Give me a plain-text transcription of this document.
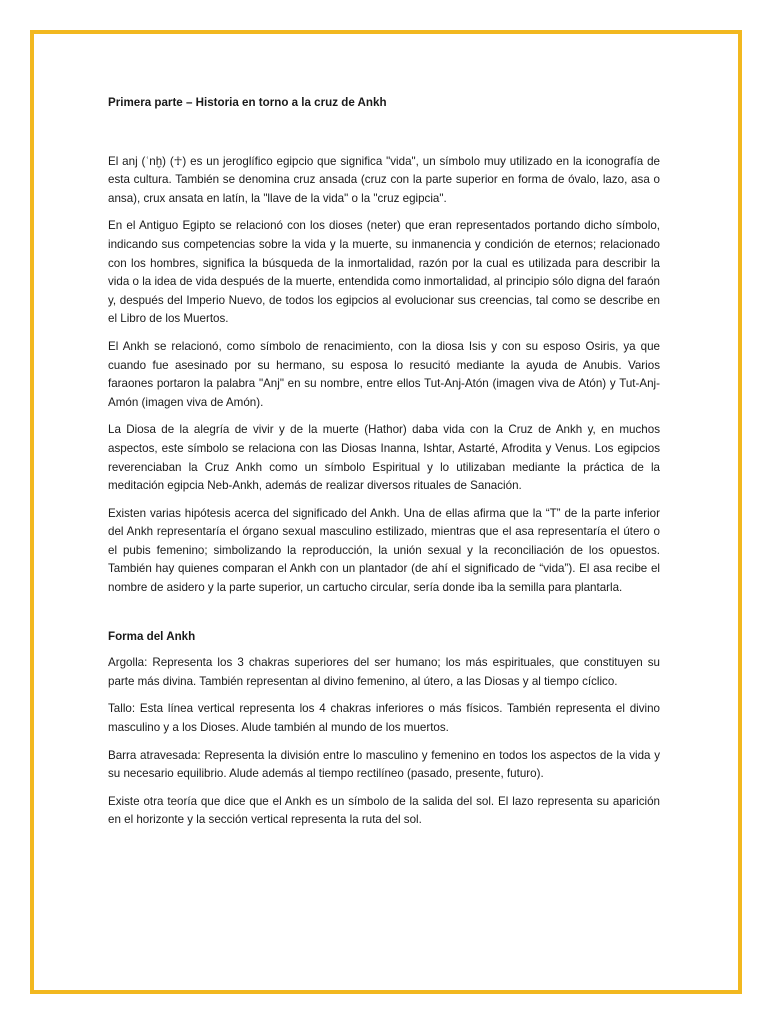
Primera parte – Historia en torno a la cruz de Ankh

El anj (ʿnḫ) (☥) es un jeroglífico egipcio que significa "vida", un símbolo muy utilizado en la iconografía de esta cultura. También se denomina cruz ansada (cruz con la parte superior en forma de óvalo, lazo, asa o ansa), crux ansata en latín, la "llave de la vida" o la "cruz egipcia".

En el Antiguo Egipto se relacionó con los dioses (neter) que eran representados portando dicho símbolo, indicando sus competencias sobre la vida y la muerte, su inmanencia y condición de eternos; relacionado con los hombres, significa la búsqueda de la inmortalidad, razón por la cual es utilizada para describir la vida o la idea de vida después de la muerte, entendida como inmortalidad, al principio sólo digna del faraón y, después del Imperio Nuevo, de todos los egipcios al evolucionar sus creencias, tal como se describe en el Libro de los Muertos.

El Ankh se relacionó, como símbolo de renacimiento, con la diosa Isis y con su esposo Osiris, ya que cuando fue asesinado por su hermano, su esposa lo resucitó mediante la ayuda de Anubis. Varios faraones portaron la palabra "Anj" en su nombre, entre ellos Tut-Anj-Atón (imagen viva de Atón) y Tut-Anj-Amón (imagen viva de Amón).

La Diosa de la alegría de vivir y de la muerte (Hathor) daba vida con la Cruz de Ankh y, en muchos aspectos, este símbolo se relaciona con las Diosas Inanna, Ishtar, Astarté, Afrodita y Venus. Los egipcios reverenciaban la Cruz Ankh como un símbolo Espiritual y lo utilizaban mediante la práctica de la meditación egipcia Neb-Ankh, además de realizar diversos rituales de Sanación.

Existen varias hipótesis acerca del significado del Ankh. Una de ellas afirma que la “T” de la parte inferior del Ankh representaría el órgano sexual masculino estilizado, mientras que el asa representaría el útero o el pubis femenino; simbolizando la reproducción, la unión sexual y la reconciliación de los opuestos. También hay quienes comparan el Ankh con un plantador (de ahí el significado de “vida”). El asa recibe el nombre de asidero y la parte superior, un cartucho circular, sería donde iba la semilla para plantarla.

Forma del Ankh

Argolla: Representa los 3 chakras superiores del ser humano; los más espirituales, que constituyen su parte más divina. También representan al divino femenino, al útero, a las Diosas y al tiempo cíclico.

Tallo: Esta línea vertical representa los 4 chakras inferiores o más físicos. También representa el divino masculino y a los Dioses. Alude también al mundo de los muertos.

Barra atravesada: Representa la división entre lo masculino y femenino en todos los aspectos de la vida y su necesario equilibrio. Alude además al tiempo rectilíneo (pasado, presente, futuro).

Existe otra teoría que dice que el Ankh es un símbolo de la salida del sol. El lazo representa su aparición en el horizonte y la sección vertical representa la ruta del sol.
